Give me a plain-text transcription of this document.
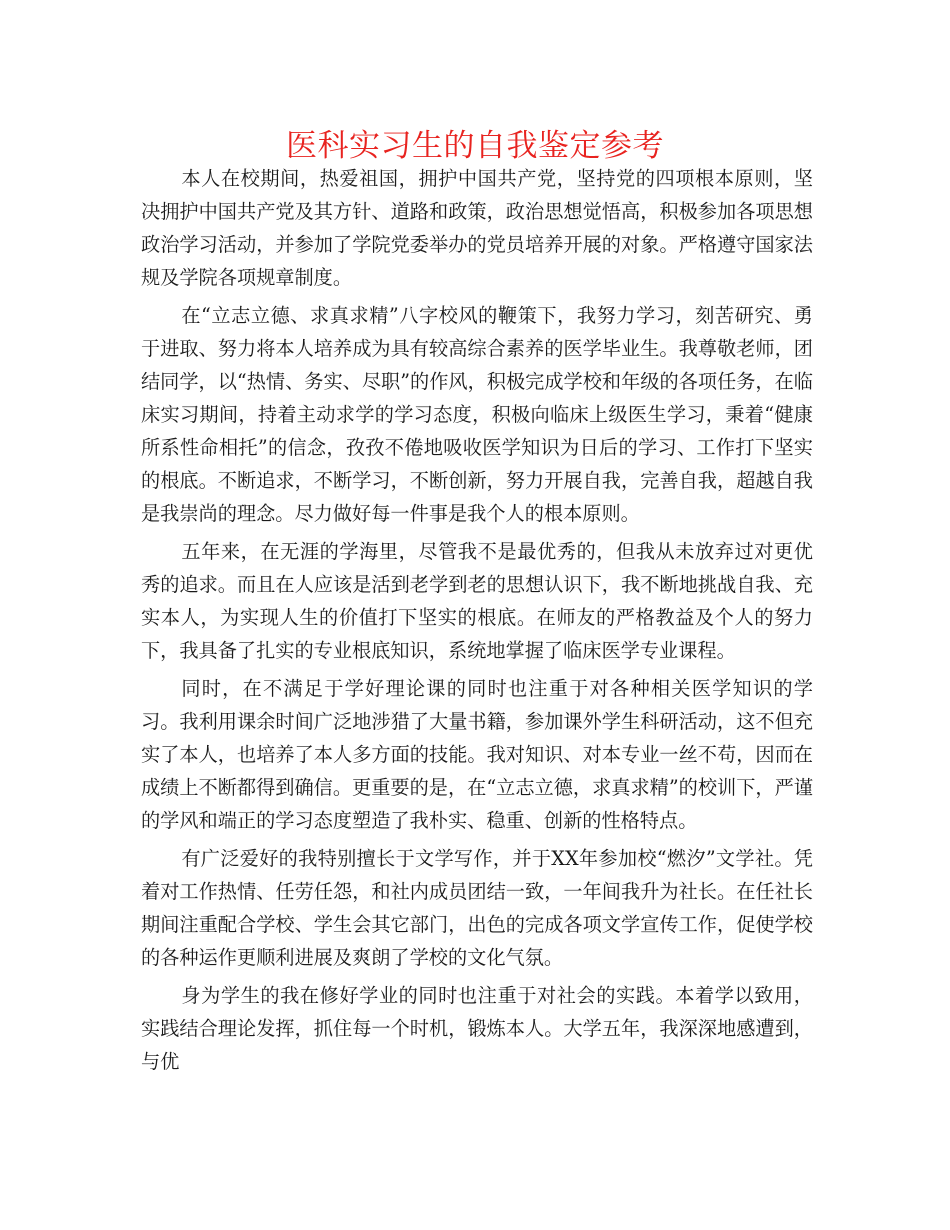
医科实习生的自我鉴定参考

本人在校期间，热爱祖国，拥护中国共产党，坚持党的四项根本原则，坚决拥护中国共产党及其方针、道路和政策，政治思想觉悟高，积极参加各项思想政治学习活动，并参加了学院党委举办的党员培养开展的对象。严格遵守国家法规及学院各项规章制度。

在“立志立德、求真求精”八字校风的鞭策下，我努力学习，刻苦研究、勇于进取、努力将本人培养成为具有较高综合素养的医学毕业生。我尊敬老师，团结同学，以“热情、务实、尽职”的作风，积极完成学校和年级的各项任务，在临床实习期间，持着主动求学的学习态度，积极向临床上级医生学习，秉着“健康所系性命相托”的信念，孜孜不倦地吸收医学知识为日后的学习、工作打下坚实的根底。不断追求，不断学习，不断创新，努力开展自我，完善自我，超越自我是我崇尚的理念。尽力做好每一件事是我个人的根本原则。

五年来，在无涯的学海里，尽管我不是最优秀的，但我从未放弃过对更优秀的追求。而且在人应该是活到老学到老的思想认识下，我不断地挑战自我、充实本人，为实现人生的价值打下坚实的根底。在师友的严格教益及个人的努力下，我具备了扎实的专业根底知识，系统地掌握了临床医学专业课程。

同时，在不满足于学好理论课的同时也注重于对各种相关医学知识的学习。我利用课余时间广泛地涉猎了大量书籍，参加课外学生科研活动，这不但充实了本人，也培养了本人多方面的技能。我对知识、对本专业一丝不苟，因而在成绩上不断都得到确信。更重要的是，在“立志立德，求真求精”的校训下，严谨的学风和端正的学习态度塑造了我朴实、稳重、创新的性格特点。

有广泛爱好的我特别擅长于文学写作，并于XX年参加校“燃汐”文学社。凭着对工作热情、任劳任怨，和社内成员团结一致，一年间我升为社长。在任社长期间注重配合学校、学生会其它部门，出色的完成各项文学宣传工作，促使学校的各种运作更顺利进展及爽朗了学校的文化气氛。

身为学生的我在修好学业的同时也注重于对社会的实践。本着学以致用，实践结合理论发挥，抓住每一个时机，锻炼本人。大学五年，我深深地感遭到，与优
